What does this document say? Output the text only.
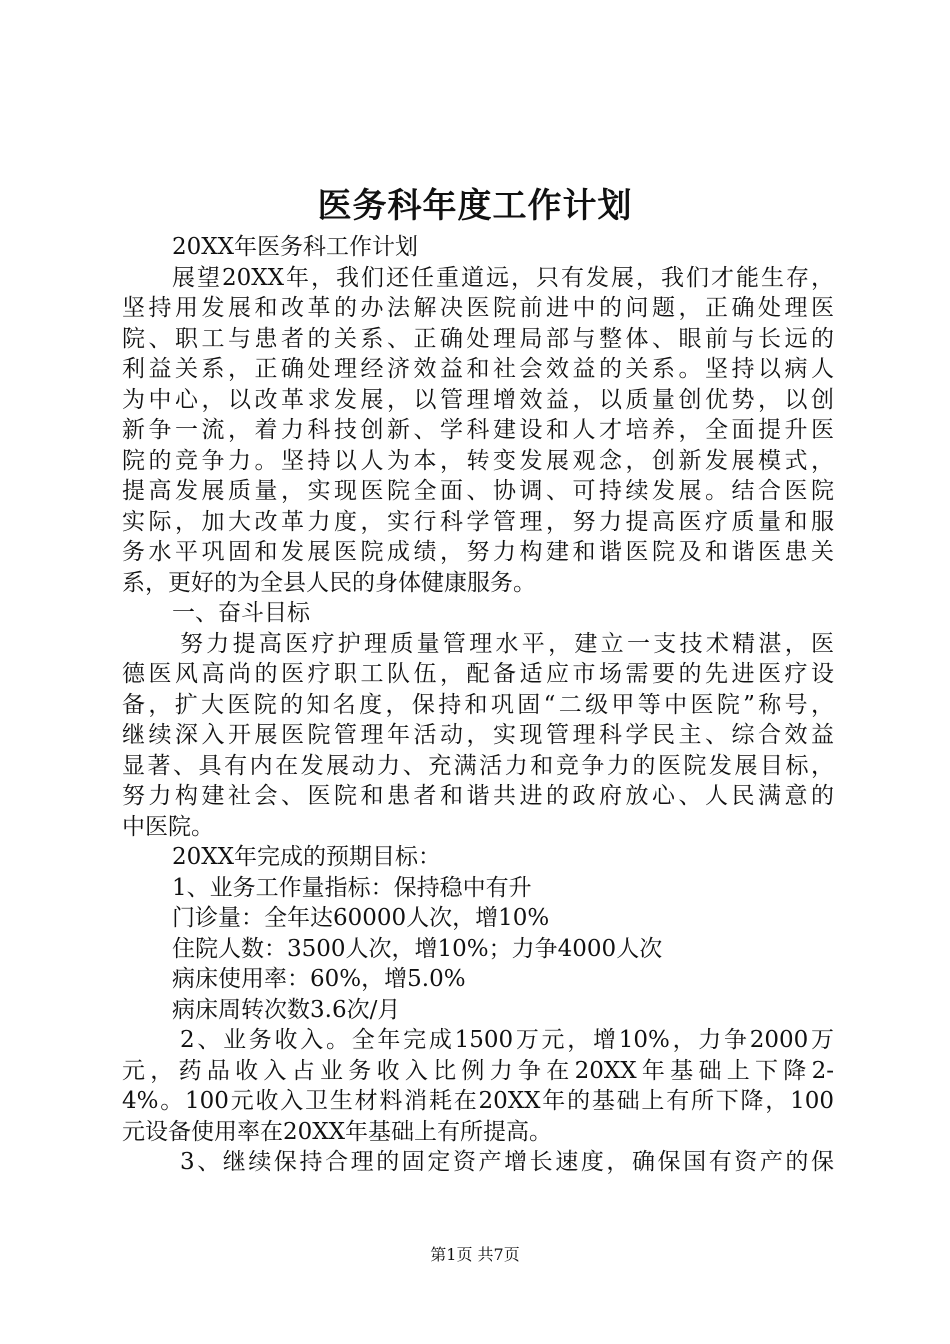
医务科年度工作计划
20XX年医务科工作计划
展望20XX年，我们还任重道远，只有发展，我们才能生存，
坚持用发展和改革的办法解决医院前进中的问题，正确处理医
院、职工与患者的关系、正确处理局部与整体、眼前与长远的
利益关系，正确处理经济效益和社会效益的关系。坚持以病人
为中心，以改革求发展，以管理增效益，以质量创优势，以创
新争一流，着力科技创新、学科建设和人才培养，全面提升医
院的竞争力。坚持以人为本，转变发展观念，创新发展模式，
提高发展质量，实现医院全面、协调、可持续发展。结合医院
实际，加大改革力度，实行科学管理，努力提高医疗质量和服
务水平巩固和发展医院成绩，努力构建和谐医院及和谐医患关
系，更好的为全县人民的身体健康服务。
一、奋斗目标
努力提高医疗护理质量管理水平，建立一支技术精湛，医
德医风高尚的医疗职工队伍，配备适应市场需要的先进医疗设
备，扩大医院的知名度，保持和巩固“二级甲等中医院”称号，
继续深入开展医院管理年活动，实现管理科学民主、综合效益
显著、具有内在发展动力、充满活力和竞争力的医院发展目标，
努力构建社会、医院和患者和谐共进的政府放心、人民满意的
中医院。
20XX年完成的预期目标：
1、业务工作量指标：保持稳中有升
门诊量：全年达60000人次，增10%
住院人数：3500人次，增10%；力争4000人次
病床使用率：60%，增5.0%
病床周转次数3.6次/月
2、业务收入。全年完成1500万元，增10%，力争2000万
元，药品收入占业务收入比例力争在20XX年基础上下降2-
4%。100元收入卫生材料消耗在20XX年的基础上有所下降，100
元设备使用率在20XX年基础上有所提高。
3、继续保持合理的固定资产增长速度，确保国有资产的保
第1页 共7页
